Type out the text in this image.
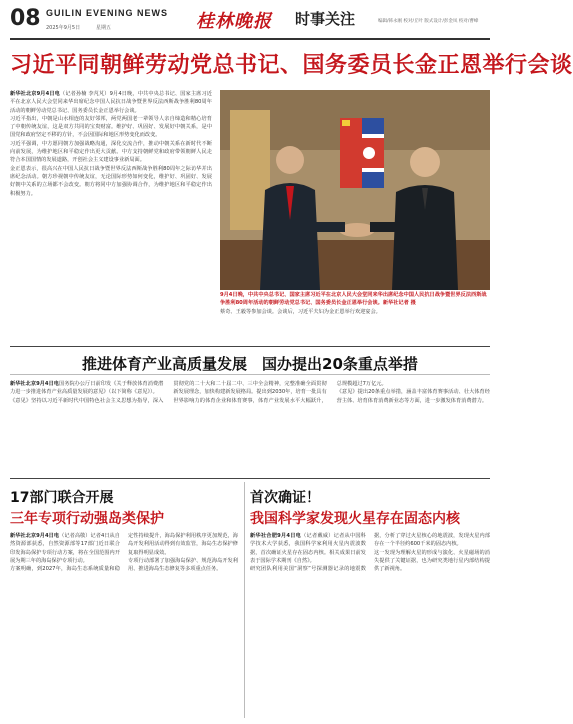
08 GUILIN EVENING NEWS
2025年9月5日	星期五	桂林晚报 时事关注	编辑/韩永刚 校对/丘叶 版式设计/彭金凤 校对/曹峰
习近平同朝鲜劳动党总书记、国务委员长金正恩举行会谈
新华社北京9月4日电（记者孙楠 李芃芃）9月4日晚，中共中央总书记、国家主席习近平在北京人民大会堂同来华出席纪念中国人民抗日战争暨世界反法西斯战争胜利80周年活动的朝鲜劳动党总书记、国务委员长金正恩举行会谈。
习近平指出，中朝是山水相连的友好邻邦，两党两国老一辈领导人亲自缔造和精心培育了中朝传统友谊，这是双方共同的宝贵财富。维护好、巩固好、发展好中朝关系，是中国党和政府坚定不移的方针，不会因国际和地区形势变化而改变。
习近平强调，中方愿同朝方加强战略沟通，深化交流合作，推动中朝关系在新时代不断向前发展，为维护地区和平稳定作出更大贡献。中方支持朝鲜党和政府带领朝鲜人民走符合本国国情的发展道路，开创社会主义建设事业新局面。
金正恩表示，很高兴在中国人民抗日战争暨世界反法西斯战争胜利80周年之际访华并出席纪念活动。朝方珍视朝中传统友谊，无论国际形势如何变化，维护好、巩固好、发展好朝中关系的立场都不会改变。朝方将同中方加强协调合作，为维护地区和平稳定作出积极努力。
9月4日晚，中共中央总书记、国家主席习近平在北京人民大会堂同来华出席纪念中国人民抗日战争暨世界反法西斯战争胜利80周年活动的朝鲜劳动党总书记、国务委员长金正恩举行会谈。新华社记者 摄
蔡奇、王毅等参加会谈。会谈后，习近平夫妇为金正恩举行欢迎宴会。
推进体育产业高质量发展　国办提出20条重点举措
新华社北京9月4日电国务院办公厅日前印发《关于释放体育消费潜力进一步推进体育产业高质量发展的意见》（以下简称《意见》）。
《意见》坚持以习近平新时代中国特色社会主义思想为指导，深入贯彻党的二十大和二十届二中、三中全会精神，完整准确全面贯彻新发展理念，加快构建新发展格局。提出到2030年，培育一批具有世界影响力的体育企业和体育赛事，体育产业发展水平大幅跃升，总规模超过7万亿元。
《意见》提出20条重点举措，涵盖丰富体育赛事活动、壮大体育经营主体、培育体育消费新业态等方面，进一步激发体育消费潜力。
17部门联合开展
三年专项行动强岛类保护
新华社北京9月4日电（记者高敬）记者4日从自然资源部获悉，自然资源部等17部门近日联合印发海岛保护专项行动方案，将在全国范围内开展为期三年的海岛保护专项行动。
方案明确，到2027年，海岛生态系统质量和稳定性持续提升，海岛保护利用秩序更加规范，海岛开发利用活动得到有效监管，海岛生态保护修复取得明显成效。
专项行动部署了加强海岛保护、规范海岛开发利用、推进海岛生态修复等多项重点任务。
首次确证！
我国科学家发现火星存在固态内核
新华社合肥9月4日电（记者戴威）记者从中国科学技术大学获悉，我国科学家利用火星内震波数据，首次确证火星存在固态内核。相关成果日前发表于国际学术期刊《自然》。
研究团队利用美国“洞察”号探测器记录的地震数据，分析了穿过火星核心的地震波，发现火星内部存在一个半径约600千米的固态内核。
这一发现为理解火星的形成与演化、火星磁场的消失提供了关键证据，也为研究类地行星内部结构提供了新视角。
